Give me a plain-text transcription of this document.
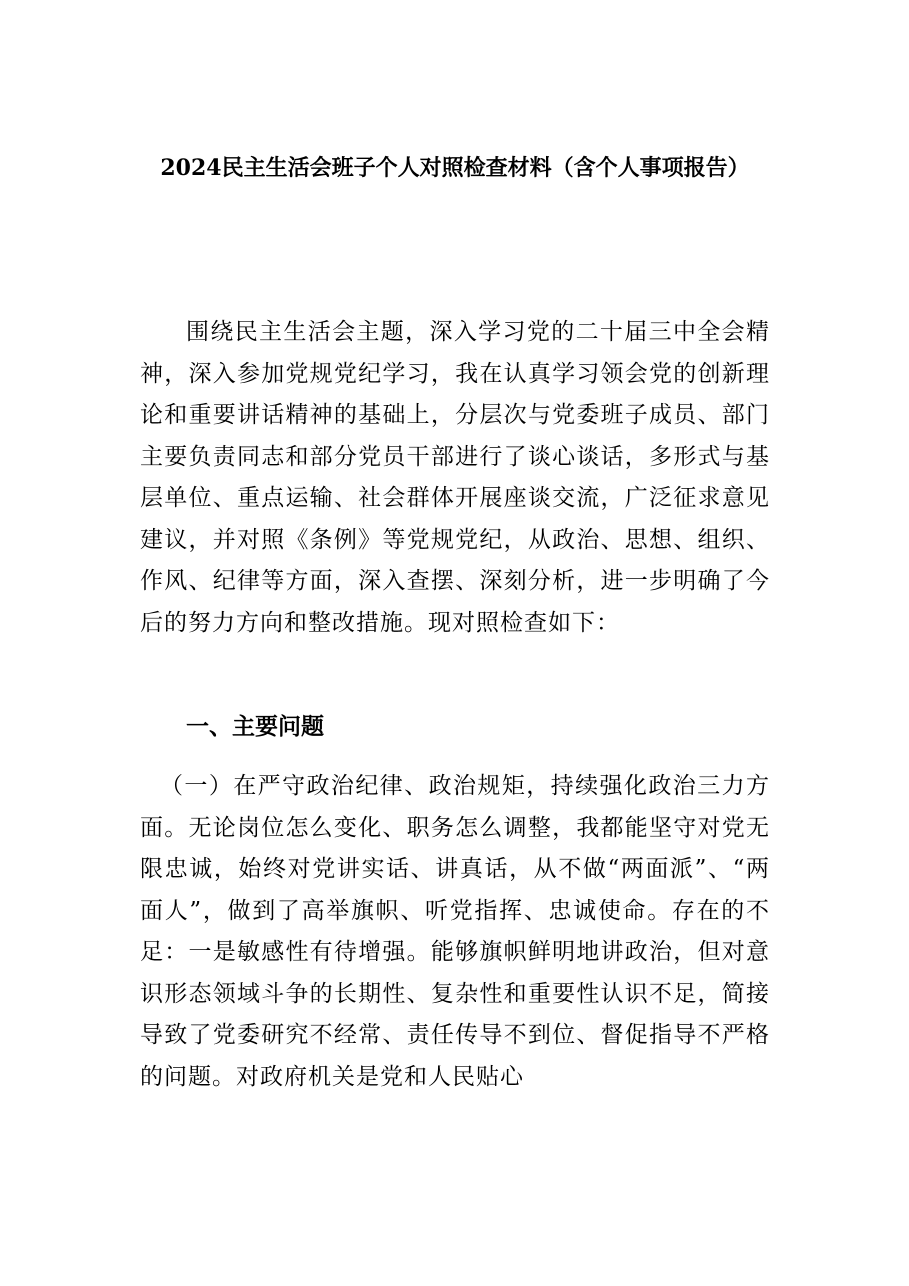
2024民主生活会班子个人对照检查材料（含个人事项报告）
围绕民主生活会主题，深入学习党的二十届三中全会精神，深入参加党规党纪学习，我在认真学习领会党的创新理论和重要讲话精神的基础上，分层次与党委班子成员、部门主要负责同志和部分党员干部进行了谈心谈话，多形式与基层单位、重点运输、社会群体开展座谈交流，广泛征求意见建议，并对照《条例》等党规党纪，从政治、思想、组织、作风、纪律等方面，深入查摆、深刻分析，进一步明确了今后的努力方向和整改措施。现对照检查如下：
一、主要问题
（一）在严守政治纪律、政治规矩，持续强化政治三力方面。无论岗位怎么变化、职务怎么调整，我都能坚守对党无限忠诚，始终对党讲实话、讲真话，从不做“两面派”、“两面人”，做到了高举旗帜、听党指挥、忠诚使命。存在的不足：一是敏感性有待增强。能够旗帜鲜明地讲政治，但对意识形态领域斗争的长期性、复杂性和重要性认识不足，简接导致了党委研究不经常、责任传导不到位、督促指导不严格的问题。对政府机关是党和人民贴心
